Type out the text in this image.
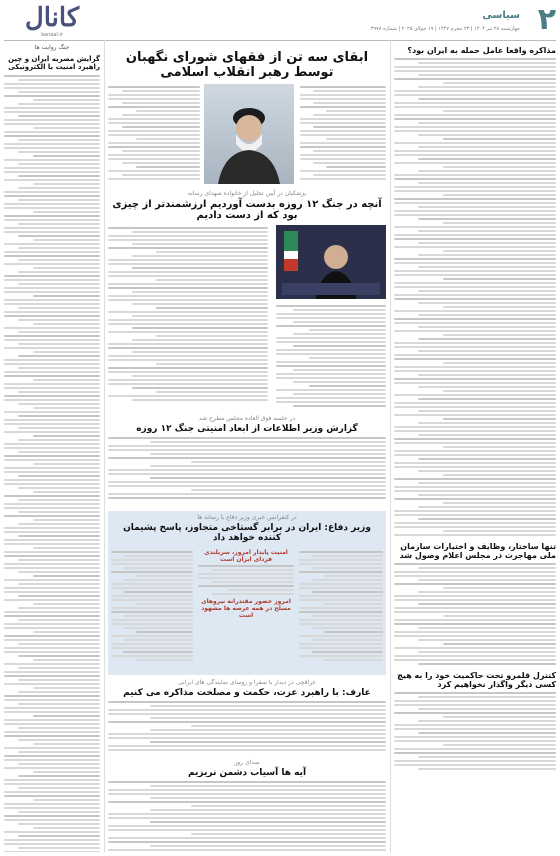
۲
سیاسی
چهارشنبه ۲۸ تیر ۱۴۰۴ | ۲۳ محرم ۱۴۴۷ | ۱۹ جولای ۲۰۲۵ | شماره ۳۹۷۸
کانال
kanaal.ir
جنگ روایت ها
گرایش مصریه ایران و چین راهبرد امنیت با الکترونیکی
ابقای سه تن از فقهای شورای نگهبان توسط رهبر انقلاب اسلامی
پزشکیان در آیین تجلیل از خانواده شهدای رسانه
آنچه در جنگ ۱۲ روزه بدست آوردیم ارزشمندتر از چیزی بود که از دست دادیم
در جلسه فوق العاده مجلس مطرح شد
گزارش وزیر اطلاعات از ابعاد امنیتی جنگ ۱۲ روزه
در کنفرانس خبری وزیر دفاع با رسانه ها
وزیر دفاع: ایران در برابر گستاخی متجاوز، پاسخ پشیمان کننده خواهد داد
امنیت پایدار امروز، سربلندی فردای ایران است
امروز حضور مقتدرانه نیروهای مسلح در همه عرصه ها مشهود است
عراقچی در دیدار با سفرا و روسای نمایندگی های ایرانی
عارف: با راهبرد عزت، حکمت و مصلحت مذاکره می کنیم
صدای روز
آیه ها آسیاب دشمن نریزیم
مذاکره واقعا عامل حمله به ایران بود؟
تنها ساختار، وظایف و اختیارات سازمان ملی مهاجرت در مجلس اعلام وصول شد
کنترل قلمرو تحت حاکمیت خود را به هیچ کسی دیگر واگذار نخواهیم کرد
